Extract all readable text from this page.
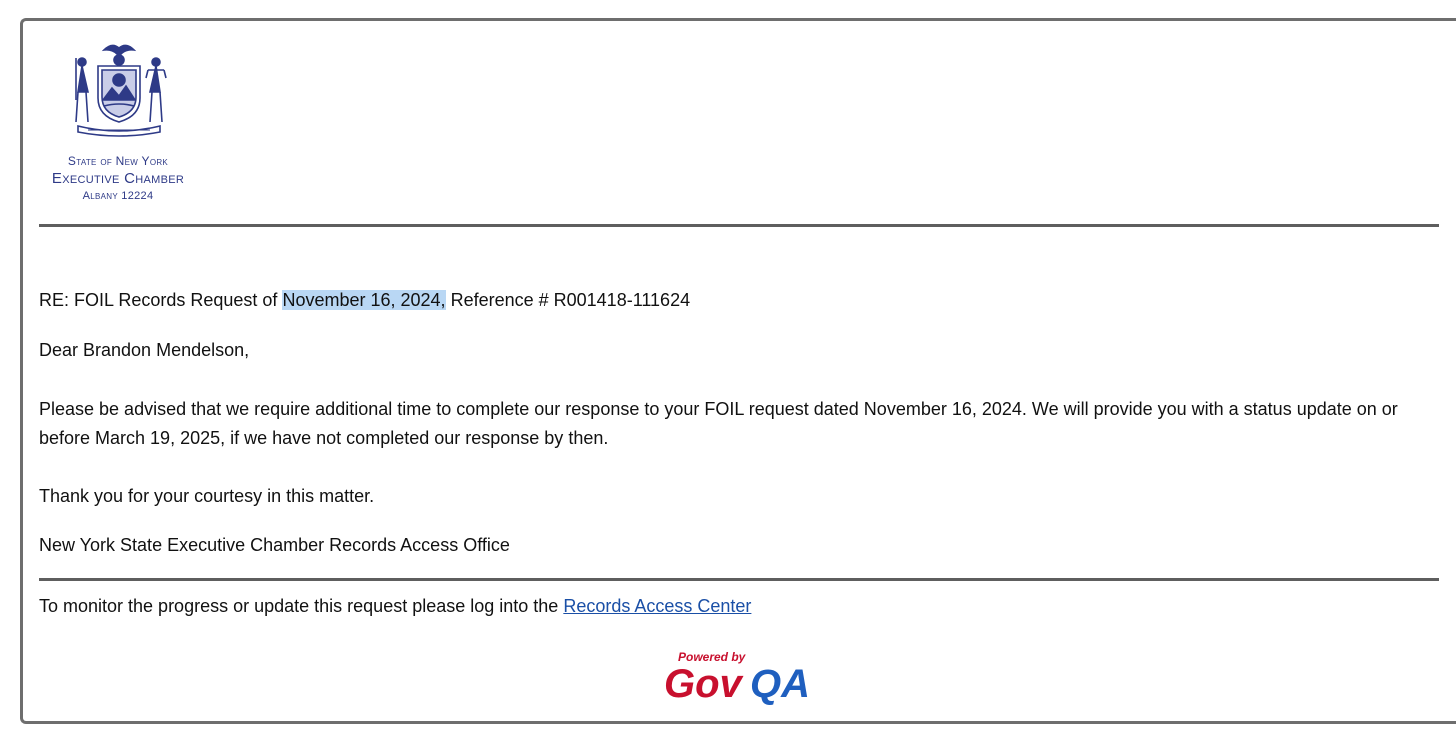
State of New York
Executive Chamber
Albany 12224
RE: FOIL Records Request of November 16, 2024, Reference # R001418-111624
Dear Brandon Mendelson,
Please be advised that we require additional time to complete our response to your FOIL request dated November 16, 2024. We will provide you with a status update on or before March 19, 2025, if we have not completed our response by then.
Thank you for your courtesy in this matter.
New York State Executive Chamber Records Access Office
To monitor the progress or update this request please log into the Records Access Center
Powered by
Gov QA
